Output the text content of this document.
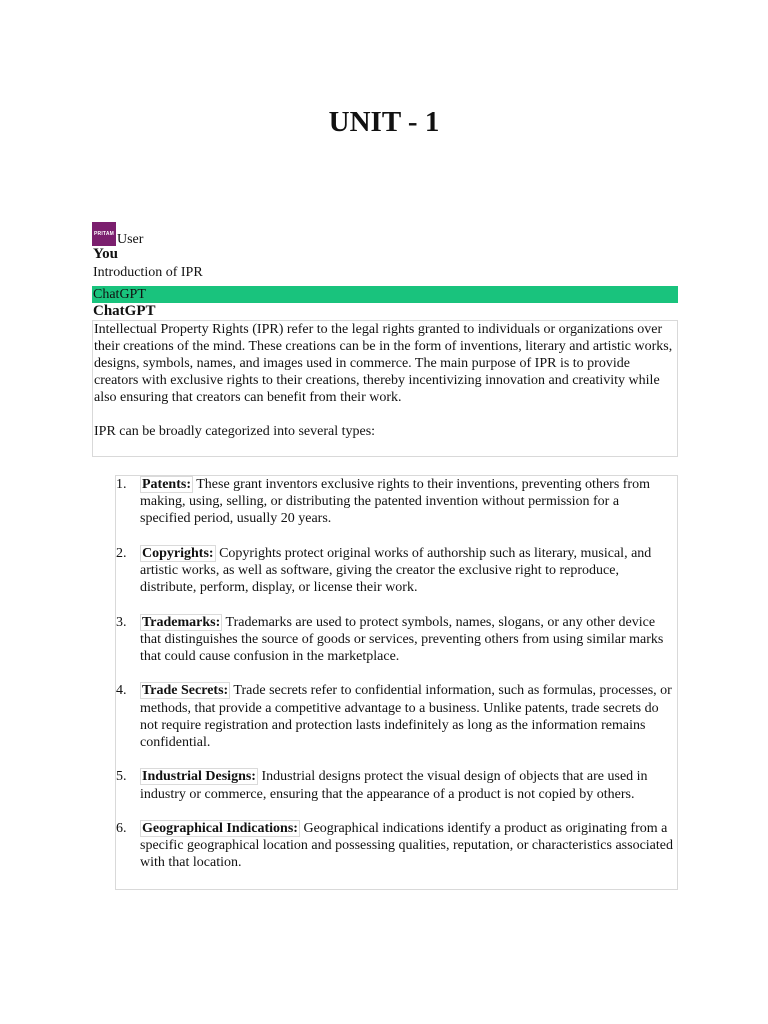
UNIT - 1
PRITAM User
You
Introduction of IPR
ChatGPT
ChatGPT

Intellectual Property Rights (IPR) refer to the legal rights granted to individuals or organizations over their creations of the mind. These creations can be in the form of inventions, literary and artistic works, designs, symbols, names, and images used in commerce. The main purpose of IPR is to provide creators with exclusive rights to their creations, thereby incentivizing innovation and creativity while also ensuring that creators can benefit from their work.

IPR can be broadly categorized into several types:

1. Patents: These grant inventors exclusive rights to their inventions, preventing others from making, using, selling, or distributing the patented invention without permission for a specified period, usually 20 years.
2. Copyrights: Copyrights protect original works of authorship such as literary, musical, and artistic works, as well as software, giving the creator the exclusive right to reproduce, distribute, perform, display, or license their work.
3. Trademarks: Trademarks are used to protect symbols, names, slogans, or any other device that distinguishes the source of goods or services, preventing others from using similar marks that could cause confusion in the marketplace.
4. Trade Secrets: Trade secrets refer to confidential information, such as formulas, processes, or methods, that provide a competitive advantage to a business. Unlike patents, trade secrets do not require registration and protection lasts indefinitely as long as the information remains confidential.
5. Industrial Designs: Industrial designs protect the visual design of objects that are used in industry or commerce, ensuring that the appearance of a product is not copied by others.
6. Geographical Indications: Geographical indications identify a product as originating from a specific geographical location and possessing qualities, reputation, or characteristics associated with that location.
